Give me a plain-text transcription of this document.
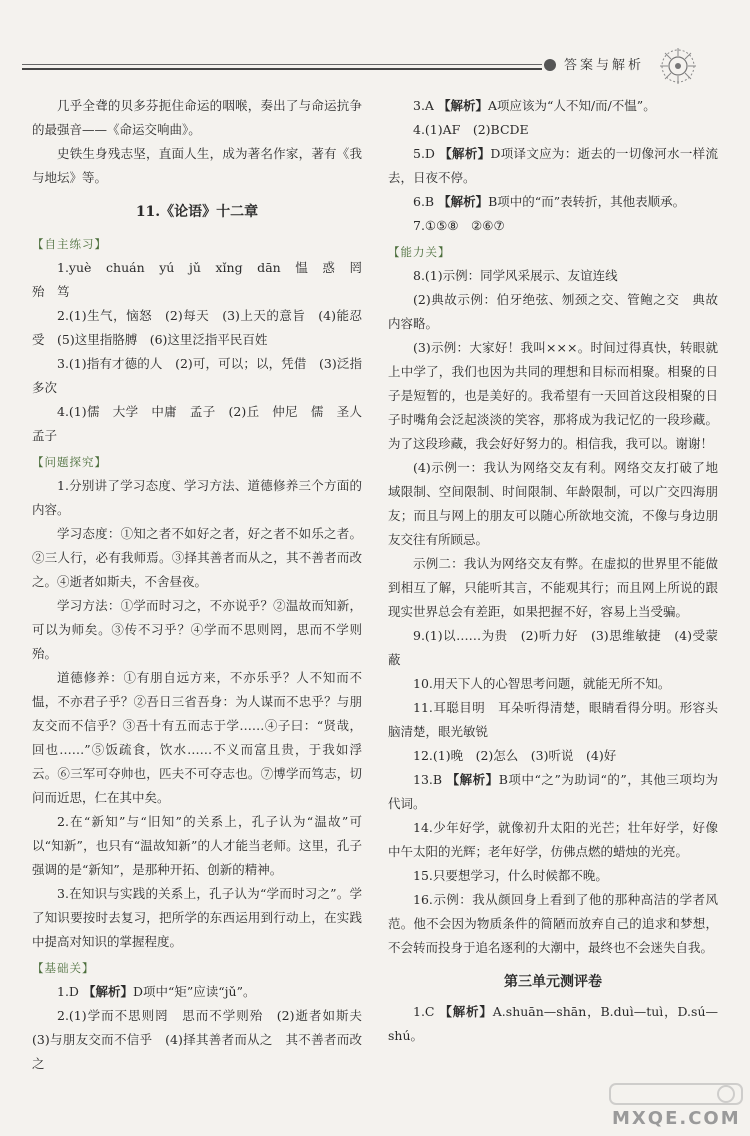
答案与解析

几乎全聋的贝多芬扼住命运的咽喉，奏出了与命运抗争的最强音——《命运交响曲》。

史铁生身残志坚，直面人生，成为著名作家，著有《我与地坛》等。

11.《论语》十二章
【 自主练习 】

1.yuè　chuán　yú　jǔ　xǐng　dān　愠　惑　罔　殆　笃

2.(1)生气，恼怒　(2)每天　(3)上天的意旨　(4)能忍受　(5)这里指胳膊　(6)这里泛指平民百姓

3.(1)指有才德的人　(2)可，可以；以，凭借　(3)泛指多次

4.(1)儒　大学　中庸　孟子　(2)丘　仲尼　儒　圣人　孟子

【 问题探究 】

1.分别讲了学习态度、学习方法、道德修养三个方面的内容。

学习态度：①知之者不如好之者，好之者不如乐之者。②三人行，必有我师焉。③择其善者而从之，其不善者而改之。④逝者如斯夫，不舍昼夜。

学习方法：①学而时习之，不亦说乎？②温故而知新，可以为师矣。③传不习乎？④学而不思则罔，思而不学则殆。

道德修养：①有朋自远方来，不亦乐乎？人不知而不愠，不亦君子乎？②吾日三省吾身：为人谋而不忠乎？与朋友交而不信乎？③吾十有五而志于学……④子曰：“贤哉，回也……”⑤饭疏食，饮水……不义而富且贵，于我如浮云。⑥三军可夺帅也，匹夫不可夺志也。⑦博学而笃志，切问而近思，仁在其中矣。

2.在“新知”与“旧知”的关系上，孔子认为“温故”可以“知新”，也只有“温故知新”的人才能当老师。这里，孔子强调的是“新知”，是那种开拓、创新的精神。

3.在知识与实践的关系上，孔子认为“学而时习之”。学了知识要按时去复习，把所学的东西运用到行动上，在实践中提高对知识的掌握程度。

【 基础关 】

1.D 【解析】D项中“矩”应读“jǔ”。

2.(1)学而不思则罔　思而不学则殆　(2)逝者如斯夫　(3)与朋友交而不信乎　(4)择其善者而从之　其不善者而改之

3.A 【解析】A项应该为“人不知/而/不愠”。

4.(1)AF　(2)BCDE

5.D 【解析】D项译文应为：逝去的一切像河水一样流去，日夜不停。

6.B 【解析】B项中的“而”表转折，其他表顺承。

7.①⑤⑧　②⑥⑦

【 能力关 】

8.(1)示例：同学风采展示、友谊连线

(2)典故示例：伯牙绝弦、刎颈之交、管鲍之交　典故内容略。

(3)示例：大家好！我叫×××。时间过得真快，转眼就上中学了，我们也因为共同的理想和目标而相聚。相聚的日子是短暂的，也是美好的。我希望有一天回首这段相聚的日子时嘴角会泛起淡淡的笑容，那将成为我记忆的一段珍藏。为了这段珍藏，我会好好努力的。相信我，我可以。谢谢！

(4)示例一：我认为网络交友有利。网络交友打破了地域限制、空间限制、时间限制、年龄限制，可以广交四海朋友；而且与网上的朋友可以随心所欲地交流，不像与身边朋友交往有所顾忌。

示例二：我认为网络交友有弊。在虚拟的世界里不能做到相互了解，只能听其言，不能观其行；而且网上所说的跟现实世界总会有差距，如果把握不好，容易上当受骗。

9.(1)以……为贵　(2)听力好　(3)思维敏捷　(4)受蒙蔽

10.用天下人的心智思考问题，就能无所不知。

11.耳聪目明　耳朵听得清楚，眼睛看得分明。形容头脑清楚，眼光敏锐

12.(1)晚　(2)怎么　(3)听说　(4)好

13.B 【解析】B项中“之”为助词“的”，其他三项均为代词。

14.少年好学，就像初升太阳的光芒；壮年好学，好像中午太阳的光辉；老年好学，仿佛点燃的蜡烛的光亮。

15.只要想学习，什么时候都不晚。

16.示例：我从颜回身上看到了他的那种高洁的学者风范。他不会因为物质条件的简陋而放弃自己的追求和梦想，不会转而投身于追名逐利的大潮中，最终也不会迷失自我。

第三单元测评卷

1.C 【解析】A.shuān—shān，B.duì—tuì，D.sú—shú。

MXQE.COM
